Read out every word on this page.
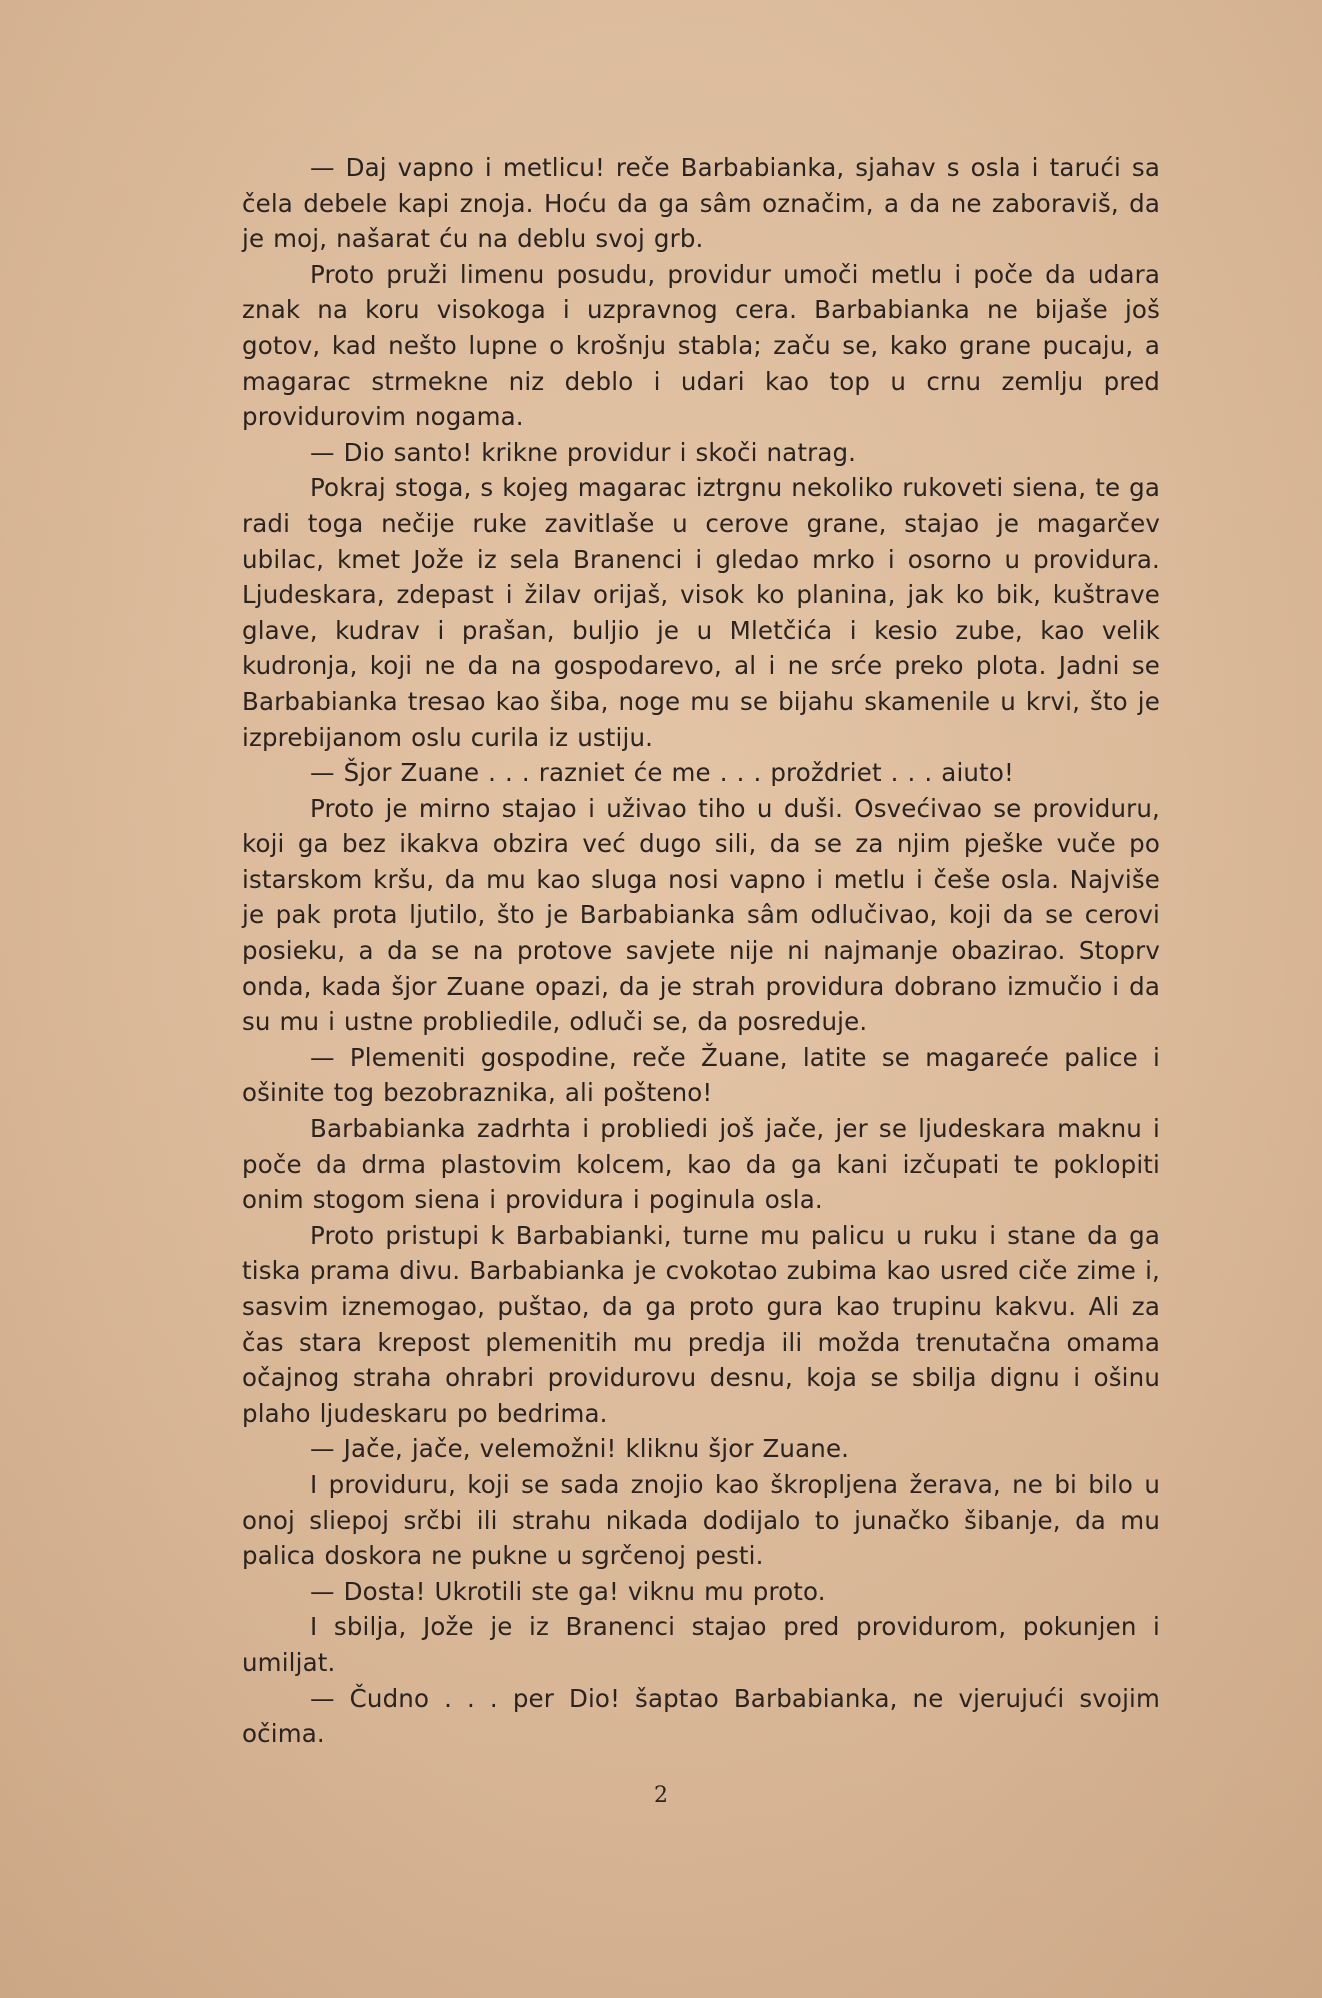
— Daj vapno i metlicu! reče Barbabianka, sjahav s osla i tarući sa čela debele kapi znoja. Hoću da ga sâm označim, a da ne zaboraviš, da je moj, našarat ću na deblu svoj grb.

Proto pruži limenu posudu, providur umoči metlu i poče da udara znak na koru visokoga i uzpravnog cera. Barbabianka ne bijaše još gotov, kad nešto lupne o krošnju stabla; začu se, kako grane pucaju, a magarac strmekne niz deblo i udari kao top u crnu zemlju pred providurovim nogama.

— Dio santo! krikne providur i skoči natrag.

Pokraj stoga, s kojeg magarac iztrgnu nekoliko rukoveti siena, te ga radi toga nečije ruke zavitlaše u cerove grane, stajao je magarčev ubilac, kmet Jože iz sela Branenci i gledao mrko i osorno u providura. Ljudeskara, zdepast i žilav orijaš, visok ko planina, jak ko bik, kuštrave glave, kudrav i prašan, buljio je u Mletčića i kesio zube, kao velik kudronja, koji ne da na gospodarevo, al i ne srće preko plota. Jadni se Barbabianka tresao kao šiba, noge mu se bijahu skamenile u krvi, što je izprebijanom oslu curila iz ustiju.

— Šjor Zuane . . . razniet će me . . . proždriet . . . aiuto!

Proto je mirno stajao i uživao tiho u duši. Osvećivao se providuru, koji ga bez ikakva obzira već dugo sili, da se za njim pješke vuče po istarskom kršu, da mu kao sluga nosi vapno i metlu i češe osla. Najviše je pak prota ljutilo, što je Barbabianka sâm odlučivao, koji da se cerovi posieku, a da se na protove savjete nije ni najmanje obazirao. Stoprv onda, kada šjor Zuane opazi, da je strah providura dobrano izmučio i da su mu i ustne probliedile, odluči se, da posreduje.

— Plemeniti gospodine, reče Žuane, latite se magareće palice i ošinite tog bezobraznika, ali pošteno!

Barbabianka zadrhta i probliedi još jače, jer se ljudeskara maknu i poče da drma plastovim kolcem, kao da ga kani izčupati te poklopiti onim stogom siena i providura i poginula osla.

Proto pristupi k Barbabianki, turne mu palicu u ruku i stane da ga tiska prama divu. Barbabianka je cvokotao zubima kao usred ciče zime i, sasvim iznemogao, puštao, da ga proto gura kao trupinu kakvu. Ali za čas stara krepost plemenitih mu predja ili možda trenutačna omama očajnog straha ohrabri providurovu desnu, koja se sbilja dignu i ošinu plaho ljudeskaru po bedrima.

— Jače, jače, velemožni! kliknu šjor Zuane.

I providuru, koji se sada znojio kao škropljena žerava, ne bi bilo u onoj sliepoj srčbi ili strahu nikada dodijalo to junačko šibanje, da mu palica doskora ne pukne u sgrčenoj pesti.

— Dosta! Ukrotili ste ga! viknu mu proto.

I sbilja, Jože je iz Branenci stajao pred providurom, pokunjen i umiljat.

— Čudno . . . per Dio! šaptao Barbabianka, ne vjerujući svojim očima.

2
